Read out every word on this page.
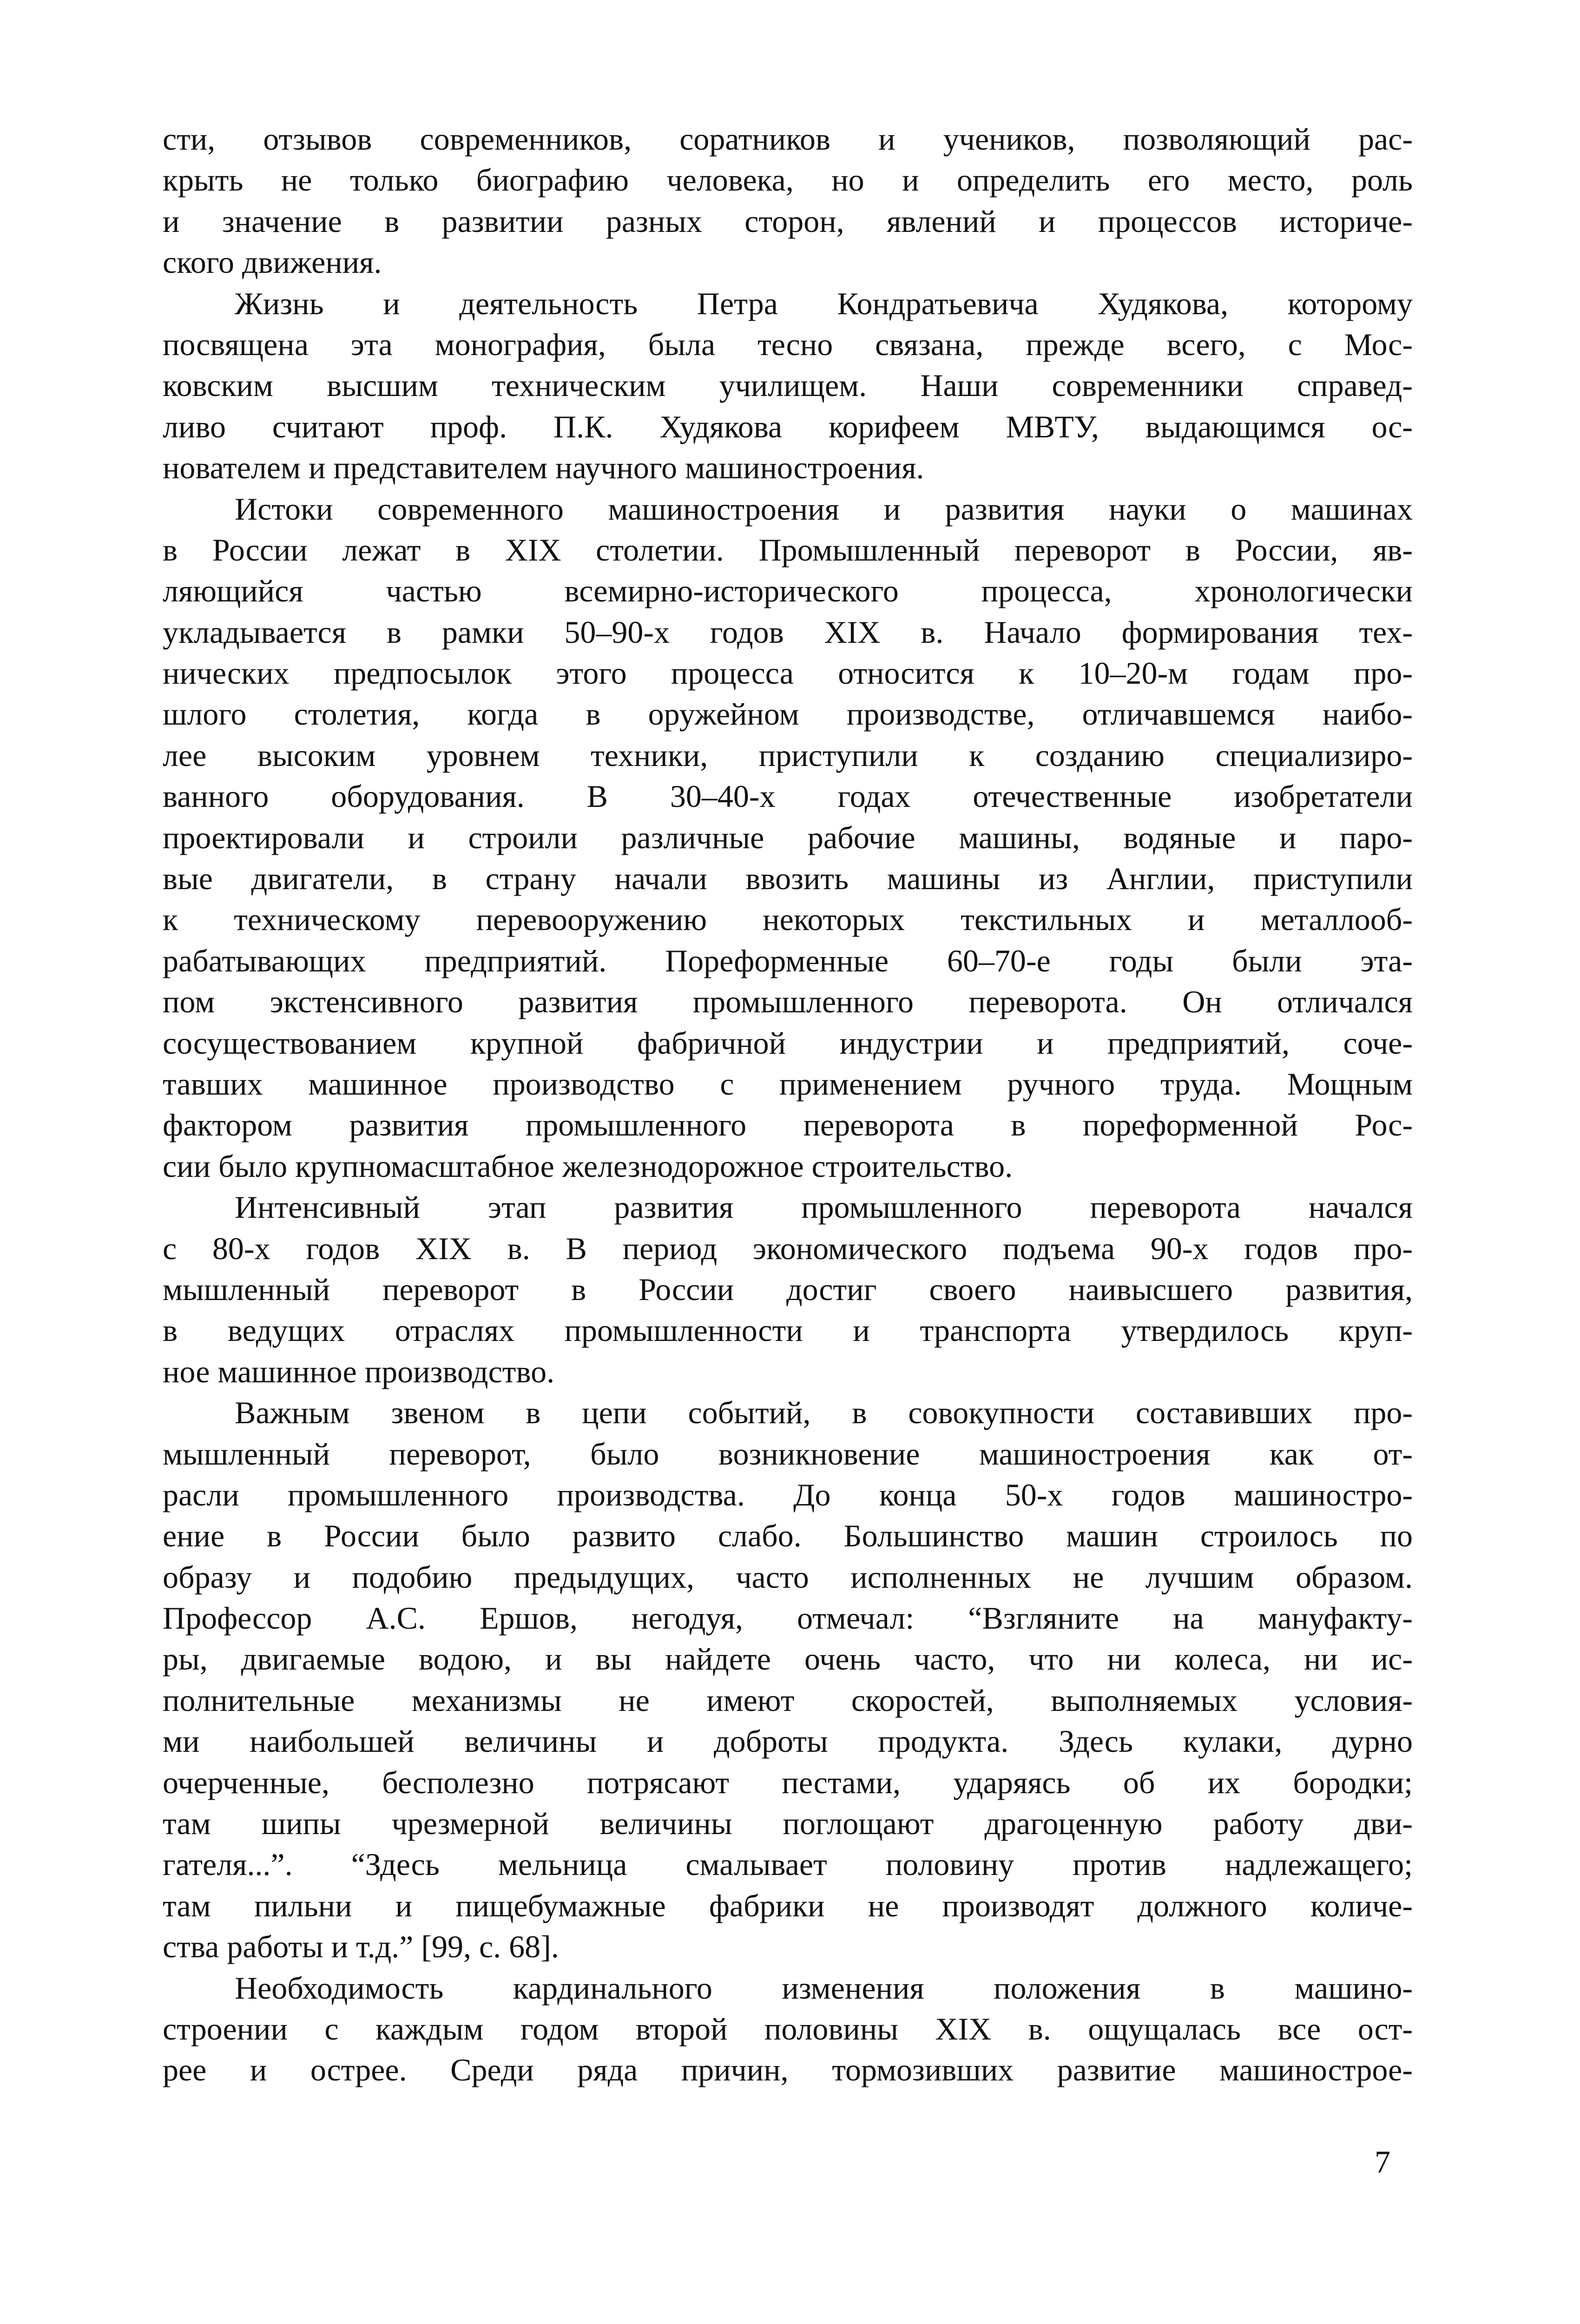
сти, отзывов современников, соратников и учеников, позволяющий рас-
крыть не только биографию человека, но и определить его место, роль
и значение в развитии разных сторон, явлений и процессов историче-
ского движения.
Жизнь и деятельность Петра Кондратьевича Худякова, которому
посвящена эта монография, была тесно связана, прежде всего, с Мос-
ковским высшим техническим училищем. Наши современники справед-
ливо считают проф. П.К. Худякова корифеем МВТУ, выдающимся ос-
нователем и представителем научного машиностроения.
Истоки современного машиностроения и развития науки о машинах
в России лежат в XIX столетии. Промышленный переворот в России, яв-
ляющийся частью всемирно-исторического процесса, хронологически
укладывается в рамки 50–90-х годов XIX в. Начало формирования тех-
нических предпосылок этого процесса относится к 10–20-м годам про-
шлого столетия, когда в оружейном производстве, отличавшемся наибо-
лее высоким уровнем техники, приступили к созданию специализиро-
ванного оборудования. В 30–40-х годах отечественные изобретатели
проектировали и строили различные рабочие машины, водяные и паро-
вые двигатели, в страну начали ввозить машины из Англии, приступили
к техническому перевооружению некоторых текстильных и металлооб-
рабатывающих предприятий. Пореформенные 60–70-е годы были эта-
пом экстенсивного развития промышленного переворота. Он отличался
сосуществованием крупной фабричной индустрии и предприятий, соче-
тавших машинное производство с применением ручного труда. Мощным
фактором развития промышленного переворота в пореформенной Рос-
сии было крупномасштабное железнодорожное строительство.
Интенсивный этап развития промышленного переворота начался
с 80-х годов XIX в. В период экономического подъема 90-х годов про-
мышленный переворот в России достиг своего наивысшего развития,
в ведущих отраслях промышленности и транспорта утвердилось круп-
ное машинное производство.
Важным звеном в цепи событий, в совокупности составивших про-
мышленный переворот, было возникновение машиностроения как от-
расли промышленного производства. До конца 50-х годов машиностро-
ение в России было развито слабо. Большинство машин строилось по
образу и подобию предыдущих, часто исполненных не лучшим образом.
Профессор А.С. Ершов, негодуя, отмечал: “Взгляните на мануфакту-
ры, двигаемые водою, и вы найдете очень часто, что ни колеса, ни ис-
полнительные механизмы не имеют скоростей, выполняемых условия-
ми наибольшей величины и доброты продукта. Здесь кулаки, дурно
очерченные, бесполезно потрясают пестами, ударяясь об их бородки;
там шипы чрезмерной величины поглощают драгоценную работу дви-
гателя...”. “Здесь мельница смалывает половину против надлежащего;
там пильни и пищебумажные фабрики не производят должного количе-
ства работы и т.д.” [99, с. 68].
Необходимость кардинального изменения положения в машино-
строении с каждым годом второй половины XIX в. ощущалась все ост-
рее и острее. Среди ряда причин, тормозивших развитие машинострое-
7
